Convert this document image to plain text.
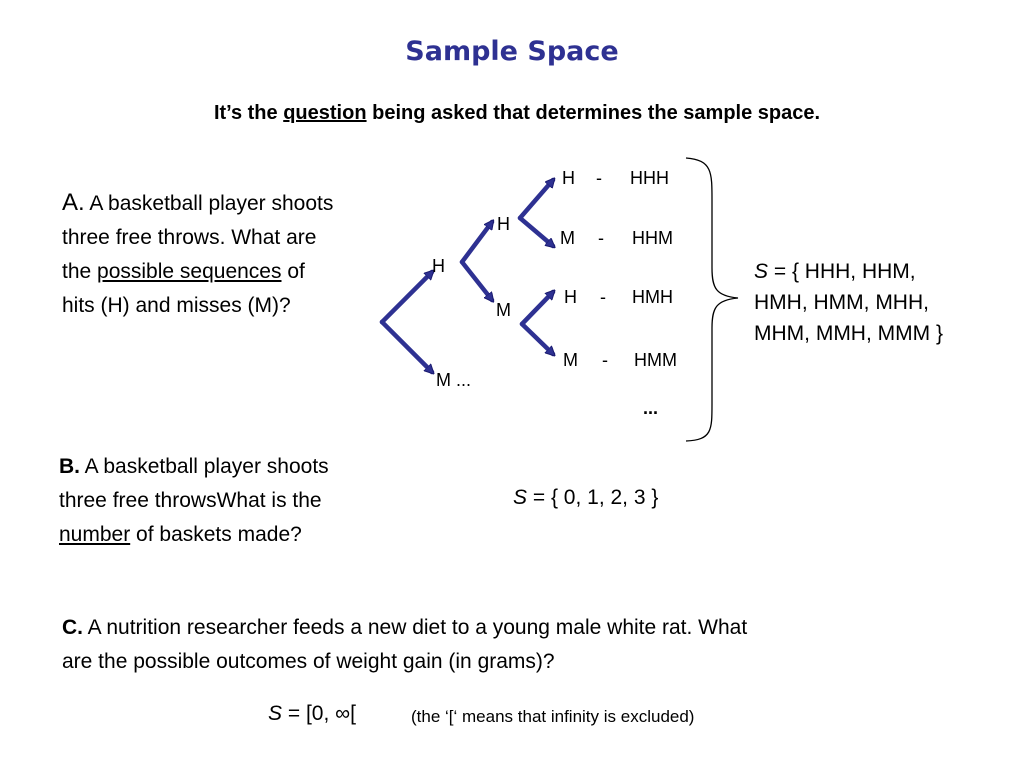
Sample Space
It’s the question being asked that determines the sample space.
A. A basketball player shoots
three free throws. What are
the possible sequences of
hits (H) and misses (M)?
H
M ...
H
M
H - HHH
M - HHM
H - HMH
M - HMM
...
S = { HHH, HHM,
HMH, HMM, MHH,
MHM, MMH, MMM }
B. A basketball player shoots
three free throwsWhat is the
number of baskets made?
S = { 0, 1, 2, 3 }
C. A nutrition researcher feeds a new diet to a young male white rat. What
are the possible outcomes of weight gain (in grams)?
S = [0, ∞[	(the ‘[‘ means that infinity is excluded)
